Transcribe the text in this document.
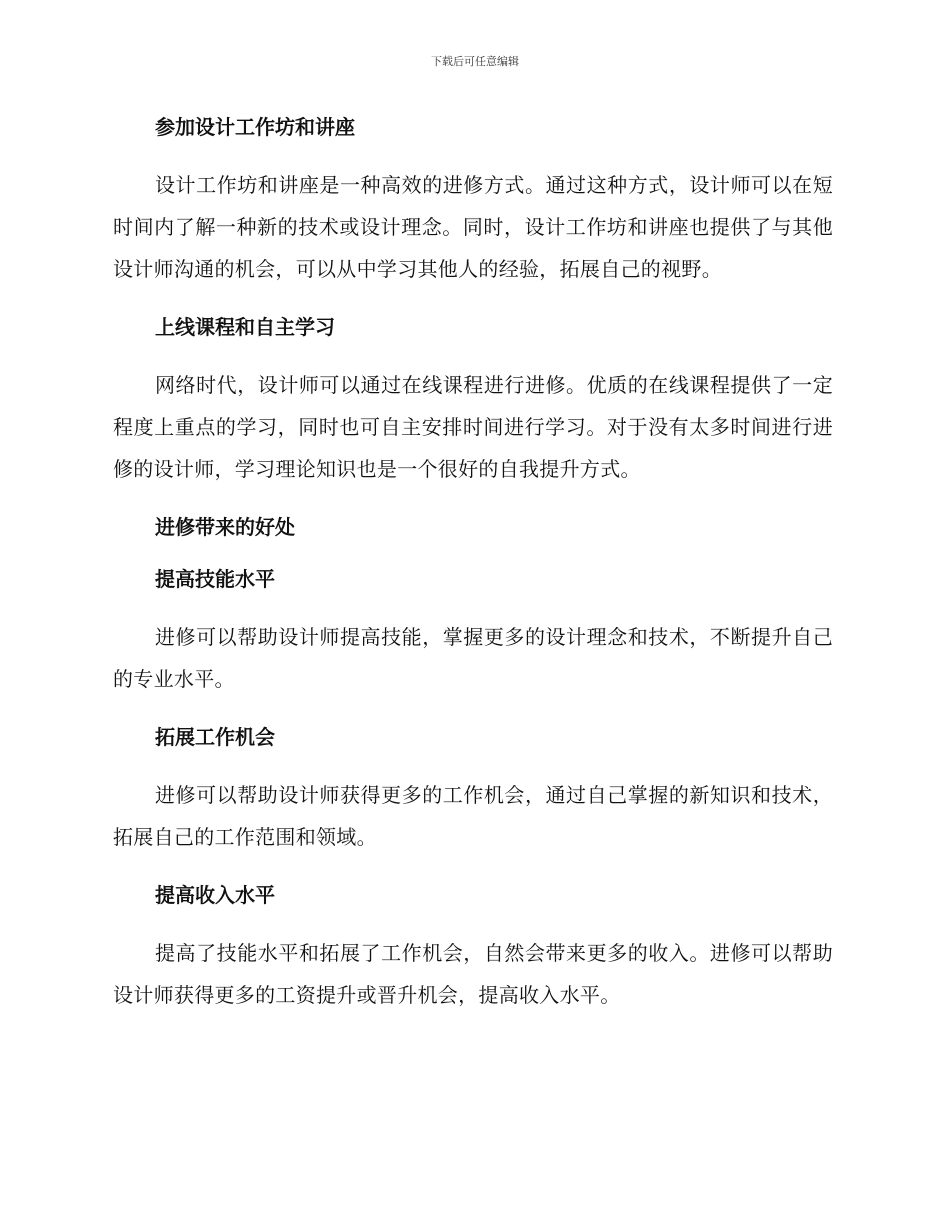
下载后可任意编辑
参加设计工作坊和讲座

设计工作坊和讲座是一种高效的进修方式。通过这种方式，设计师可以在短时间内了解一种新的技术或设计理念。同时，设计工作坊和讲座也提供了与其他设计师沟通的机会，可以从中学习其他人的经验，拓展自己的视野。

上线课程和自主学习

网络时代，设计师可以通过在线课程进行进修。优质的在线课程提供了一定程度上重点的学习，同时也可自主安排时间进行学习。对于没有太多时间进行进修的设计师，学习理论知识也是一个很好的自我提升方式。

进修带来的好处
提高技能水平

进修可以帮助设计师提高技能，掌握更多的设计理念和技术，不断提升自己的专业水平。

拓展工作机会

进修可以帮助设计师获得更多的工作机会，通过自己掌握的新知识和技术，拓展自己的工作范围和领域。

提高收入水平

提高了技能水平和拓展了工作机会，自然会带来更多的收入。进修可以帮助设计师获得更多的工资提升或晋升机会，提高收入水平。
